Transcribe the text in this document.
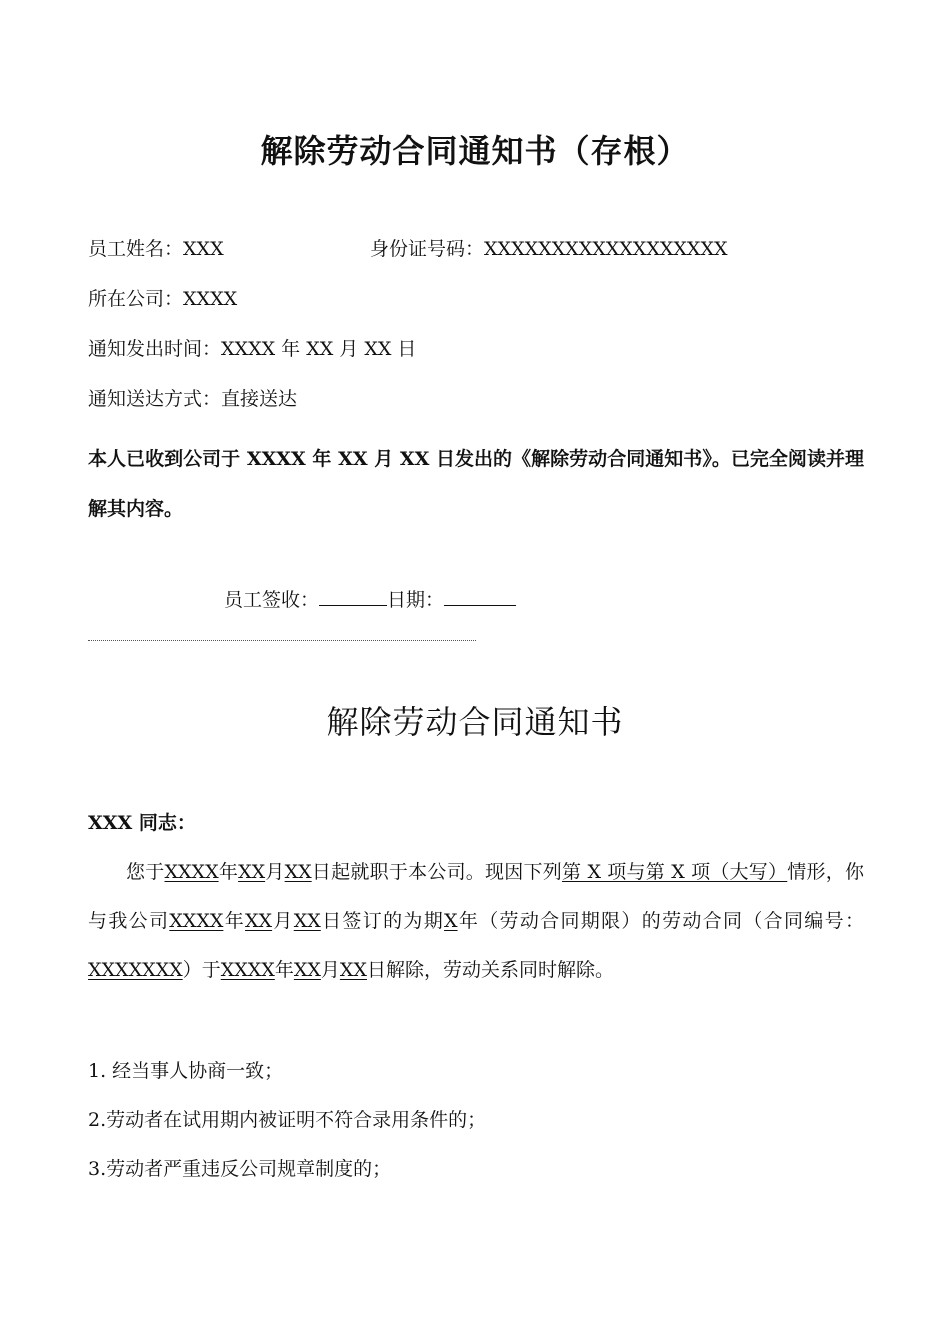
解除劳动合同通知书（存根）
员工姓名：XXX	身份证号码：XXXXXXXXXXXXXXXXXX
所在公司：XXXX
通知发出时间：XXXX 年 XX 月 XX 日
通知送达方式：直接送达
本人已收到公司于 XXXX 年 XX 月 XX 日发出的《解除劳动合同通知书》。已完全阅读并理解其内容。
员工签收：	日期：
解除劳动合同通知书
XXX 同志：
您于XXXX年XX月XX日起就职于本公司。现因下列第 X 项与第 X 项（大写）情形，你与我公司XXXX年XX月XX日签订的为期X年（劳动合同期限）的劳动合同（合同编号：XXXXXXX）于XXXX年XX月XX日解除，劳动关系同时解除。
1. 经当事人协商一致；
2.劳动者在试用期内被证明不符合录用条件的；
3.劳动者严重违反公司规章制度的；
